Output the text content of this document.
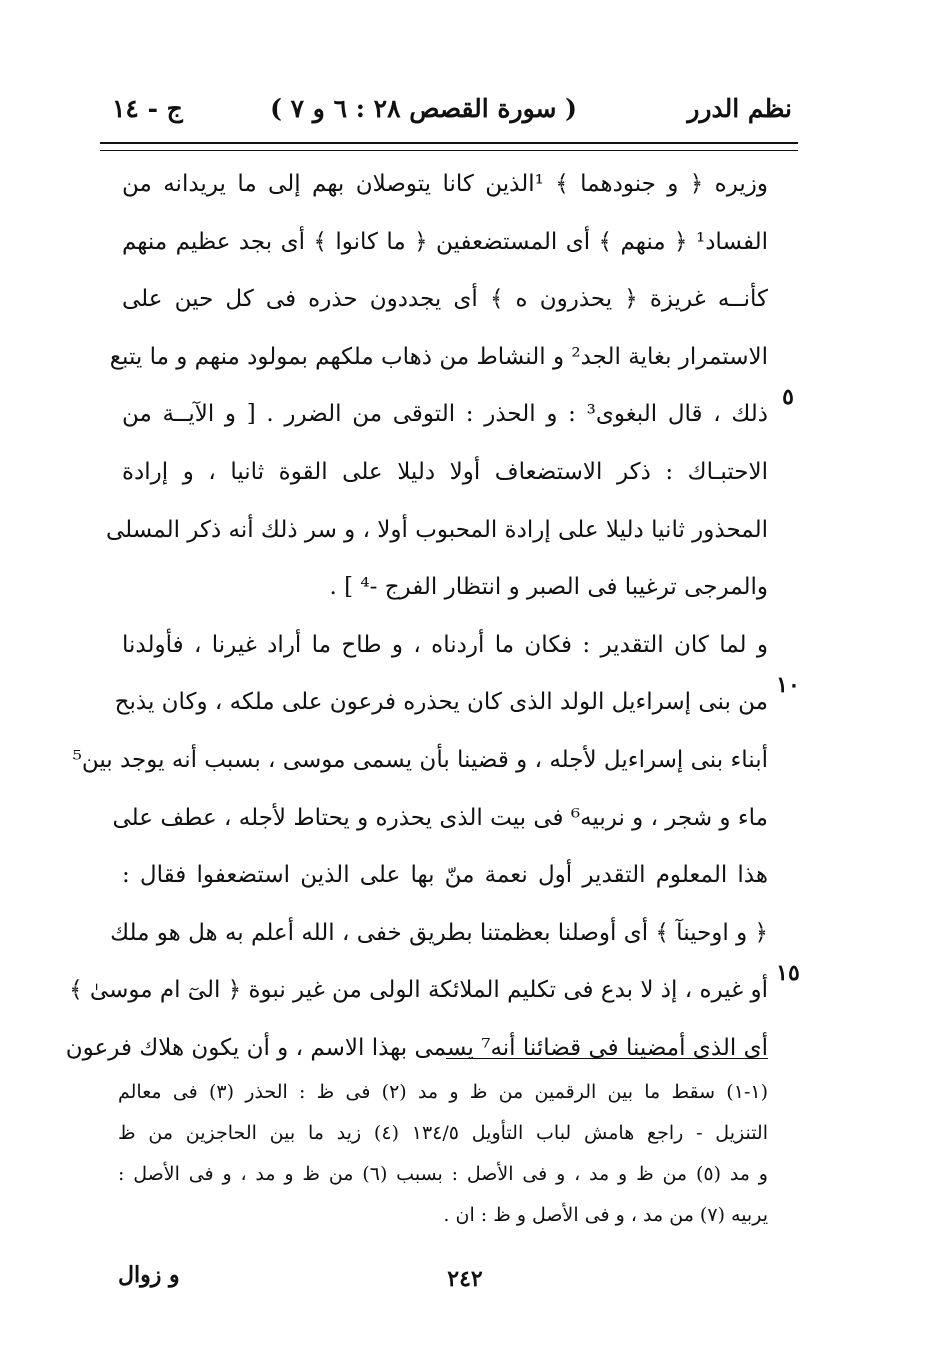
نظم الدرر
( سورة القصص ٢٨ : ٦ و ٧ )
ج - ١٤
٥
١٠
١٥
وزيره ﴿ و جنودهما ﴾ ¹الذين كانا يتوصلان بهم إلى ما يريدانه من
الفساد¹ ﴿ منهم ﴾ أى المستضعفين ﴿ ما كانوا ﴾ أى بجد عظيم منهم
كأنــه غريزة ﴿ يحذرون ه ﴾ أى يجددون حذره فى كل حين على
الاستمرار بغاية الجد² و النشاط من ذهاب ملكهم بمولود منهم و ما يتبع
ذلك ، قال البغوى³ : و الحذر : التوقى من الضرر . [ و الآيــة من
الاحتبـاك : ذكر الاستضعاف أولا دليلا على القوة ثانيا ، و إرادة
المحذور ثانيا دليلا على إرادة المحبوب أولا ، و سر ذلك أنه ذكر المسلى
والمرجى ترغيبا فى الصبر و انتظار الفرج -⁴ ] .
و لما كان التقدير : فكان ما أردناه ، و طاح ما أراد غيرنا ، فأولدنا
من بنى إسراءيل الولد الذى كان يحذره فرعون على ملكه ، وكان يذبح
أبناء بنى إسراءيل لأجله ، و قضينا بأن يسمى موسى ، بسبب أنه يوجد بين⁵
ماء و شجر ، و نربيه⁶ فى بيت الذى يحذره و يحتاط لأجله ، عطف على
هذا المعلوم التقدير أول نعمة منّ بها على الذين استضعفوا فقال :
﴿ و اوحينآ ﴾ أى أوصلنا بعظمتنا بطريق خفى ، الله أعلم به هل هو ملك
أو غيره ، إذ لا بدع فى تكليم الملائكة الولى من غير نبوة ﴿ الىٓ ام موسىٰ ﴾
أى الذى أمضينا فى قضائنا أنه⁷ يسمى بهذا الاسم ، و أن يكون هلاك فرعون
(١-١) سقط ما بين الرقمين من ظ و مد (٢) فى ظ : الحذر (٣) فى معالم
التنزيل - راجع هامش لباب التأويل ١٣٤/٥ (٤) زيد ما بين الحاجزين من ظ
و مد (٥) من ظ و مد ، و فى الأصل : بسبب (٦) من ظ و مد ، و فى الأصل :
يربيه (٧) من مد ، و فى الأصل و ظ : ان .
و زوال	٢٤٢
